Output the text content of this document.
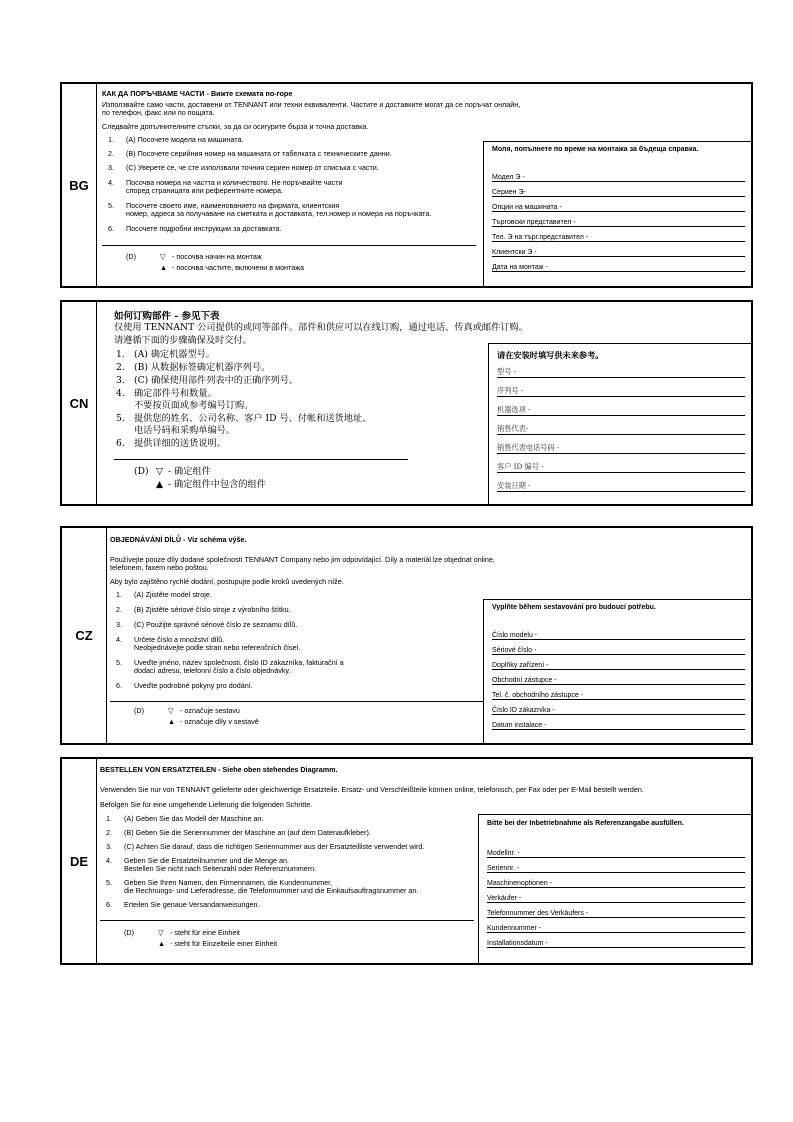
BG
КАК ДА ПОРЪЧВАМЕ ЧАСТИ - Вижте схемата по-горе
Използвайте само части, доставени от TENNANT или техни еквиваленти. Частите и доставките могат да се поръчат онлайн,
по телефон, факс или по пощата.
Следвайте допълнителните стъпки, за да си осигурите бърза и точна доставка.
1. (A) Посочете модела на машината.
2. (B) Посочете серийния номер на машината от табелката с техническите данни.
3. (C) Уверете се, че сте използвали точния сериен номер от списъка с части.
4. Посочва номера на частта и количеството. Не поръчвайте части
според страницата или референтните номера.
5. Посочете своето име, наименованието на фирмата, клиентския
номер, адреса за получаване на сметката и доставката, тел.номер и номера на поръчката.
6. Посочете подробни инструкции за доставката.
(D)	▽ - посочва начин на монтаж
▲ - посочва частите, включени в монтажа
Моля, попълнете по време на монтажа за бъдеща справка.
Модел Э -
Сериен Э-
Опции на машината -
Търговски представител -
Тел. Э на търг.представител -
Клиентски Э -
Дата на монтаж -
CN
如何订购部件 - 参见下表
仅使用 TENNANT 公司提供的或同等部件。部件和供应可以在线订购，通过电话、传真或邮件订购。
请遵循下面的步骤确保及时交付。
1. (A) 确定机器型号。
2. (B) 从数据标签确定机器序列号。
3. (C) 确保使用部件列表中的正确序列号。
4. 确定部件号和数量。
不要按页面或参考编号订购。
5. 提供您的姓名、公司名称、客户 ID 号、付帐和送货地址、
电话号码和采购单编号。
6. 提供详细的送货说明。
(D) ▽ - 确定组件
▲ - 确定组件中包含的组件
请在安装时填写供未来参考。
型号 -
序列号 -
机器选项 -
销售代表-
销售代表电话号码 -
客户 ID 编号 -
安装日期 -
CZ
OBJEDNÁVÁNÍ DÍLŮ - Viz schéma výše.
Používejte pouze díly dodané společností TENNANT Company nebo jim odpovídající. Díly a materiál lze objednat online,
telefonem, faxem nebo poštou.
Aby bylo zajištěno rychlé dodání, postupujte podle kroků uvedených níže.
1. (A) Zjistěte model stroje.
2. (B) Zjistěte sériové číslo stroje z výrobního štítku.
3. (C) Použijte správné sériové číslo ze seznamu dílů.
4. Určete číslo a množství dílů.
Neobjednávejte podle stran nebo referenčních čísel.
5. Uveďte jméno, název společnosti, číslo ID zákazníka, fakturační a
dodací adresu, telefonní číslo a číslo objednávky.
6. Uveďte podrobné pokyny pro dodání.
(D)	▽ - označuje sestavu
▲ - označuje díly v sestavě
Vyplňte během sestavování pro budoucí potřebu.
Číslo modelu -
Sériové číslo -
Doplňky zařízení -
Obchodní zástupce -
Tel. č. obchodního zástupce -
Číslo ID zákazníka -
Datum instalace -
DE
BESTELLEN VON ERSATZTEILEN - Siehe oben stehendes Diagramm.
Verwenden Sie nur von TENNANT gelieferte oder gleichwertige Ersatzteile. Ersatz- und Verschleißteile können online, telefonisch, per Fax oder per E-Mail bestellt werden.
Befolgen Sie für eine umgehende Lieferung die folgenden Schritte.
1. (A) Geben Sie das Modell der Maschine an.
2. (B) Geben Sie die Seriennummer der Maschine an (auf dem Datenaufkleber).
3. (C) Achten Sie darauf, dass die richtigen Seriennummer aus der Ersatzteilliste verwendet wird.
4. Geben Sie die Ersatzteilnummer und die Menge an.
Bestellen Sie nicht nach Seitenzahl oder Referenznummern.
5. Geben Sie Ihren Namen, den Firmennamen, die Kundennummer,
die Rechnungs- und Lieferadresse, die Telefonnummer und die Einkaufsauftragsnummer an.
6. Erteilen Sie genaue Versandanweisungen.
(D)	▽ - steht für eine Einheit
▲ - steht für Einzelteile einer Einheit
Bitte bei der Inbetriebnahme als Referenzangabe ausfüllen.
Modellnr. -
Seriennr. -
Maschinenoptionen -
Verkäufer -
Telefonnummer des Verkäufers -
Kundennummer -
Installationsdatum -
